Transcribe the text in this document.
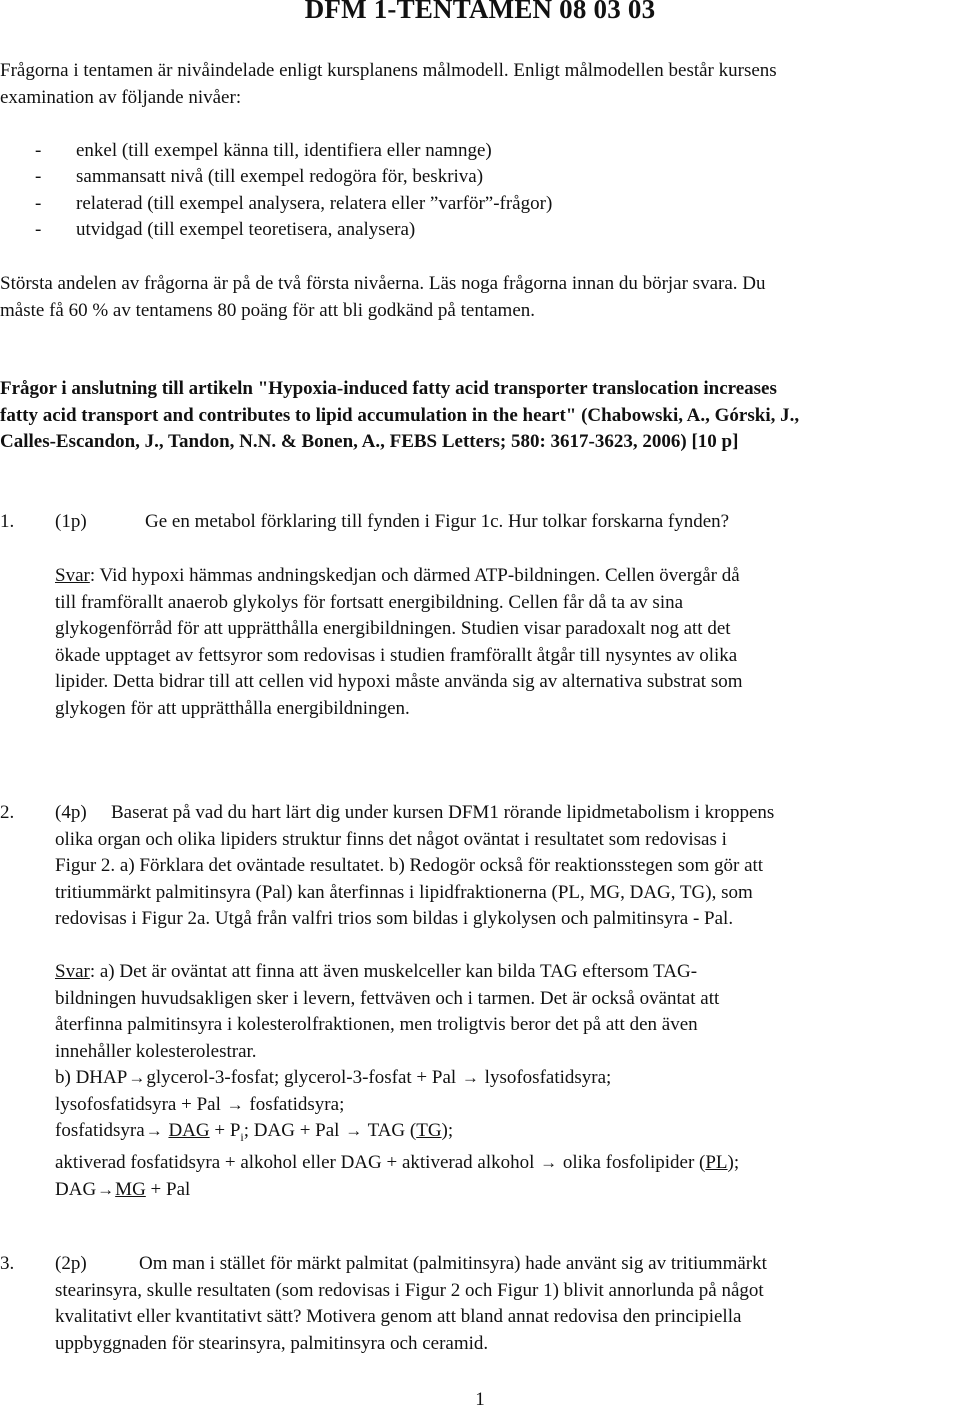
DFM 1-TENTAMEN 08 03 03
Frågorna i tentamen är nivåindelade enligt kursplanens målmodell. Enligt målmodellen består kursens
examination av följande nivåer:
- enkel (till exempel känna till, identifiera eller namnge)
- sammansatt nivå (till exempel redogöra för, beskriva)
- relaterad (till exempel analysera, relatera eller ”varför”-frågor)
- utvidgad (till exempel teoretisera, analysera)
Största andelen av frågorna är på de två första nivåerna. Läs noga frågorna innan du börjar svara. Du
måste få 60 % av tentamens 80 poäng för att bli godkänd på tentamen.
Frågor i anslutning till artikeln "Hypoxia-induced fatty acid transporter translocation increases
fatty acid transport and contributes to lipid accumulation in the heart" (Chabowski, A., Górski, J.,
Calles-Escandon, J., Tandon, N.N. & Bonen, A., FEBS Letters; 580: 3617-3623, 2006) [10 p]
1. (1p)	Ge en metabol förklaring till fynden i Figur 1c. Hur tolkar forskarna fynden?
Svar: Vid hypoxi hämmas andningskedjan och därmed ATP-bildningen. Cellen övergår då
till framförallt anaerob glykolys för fortsatt energibildning. Cellen får då ta av sina
glykogenförråd för att upprätthålla energibildningen. Studien visar paradoxalt nog att det
ökade upptaget av fettsyror som redovisas i studien framförallt åtgår till nysyntes av olika
lipider. Detta bidrar till att cellen vid hypoxi måste använda sig av alternativa substrat som
glykogen för att upprätthålla energibildningen.
2. (4p)	Baserat på vad du hart lärt dig under kursen DFM1 rörande lipidmetabolism i kroppens
olika organ och olika lipiders struktur finns det något oväntat i resultatet som redovisas i
Figur 2. a) Förklara det oväntade resultatet. b) Redogör också för reaktionsstegen som gör att
tritiummärkt palmitinsyra (Pal) kan återfinnas i lipidfraktionerna (PL, MG, DAG, TG), som
redovisas i Figur 2a. Utgå från valfri trios som bildas i glykolysen och palmitinsyra - Pal.
Svar: a) Det är oväntat att finna att även muskelceller kan bilda TAG eftersom TAG-
bildningen huvudsakligen sker i levern, fettväven och i tarmen. Det är också oväntat att
återfinna palmitinsyra i kolesterolfraktionen, men troligtvis beror det på att den även
innehåller kolesterolestrar.
b) DHAP→glycerol-3-fosfat; glycerol-3-fosfat + Pal → lysofosfatidsyra;
lysofosfatidsyra + Pal → fosfatidsyra;
fosfatidsyra→ DAG + $P_i$; DAG + Pal → TAG (TG);
aktiverad fosfatidsyra + alkohol eller DAG + aktiverad alkohol → olika fosfolipider (PL);
DAG→MG + Pal
3. (2p)	Om man i stället för märkt palmitat (palmitinsyra) hade använt sig av tritiummärkt
stearinsyra, skulle resultaten (som redovisas i Figur 2 och Figur 1) blivit annorlunda på något
kvalitativt eller kvantitativt sätt? Motivera genom att bland annat redovisa den principiella
uppbyggnaden för stearinsyra, palmitinsyra och ceramid.
1
